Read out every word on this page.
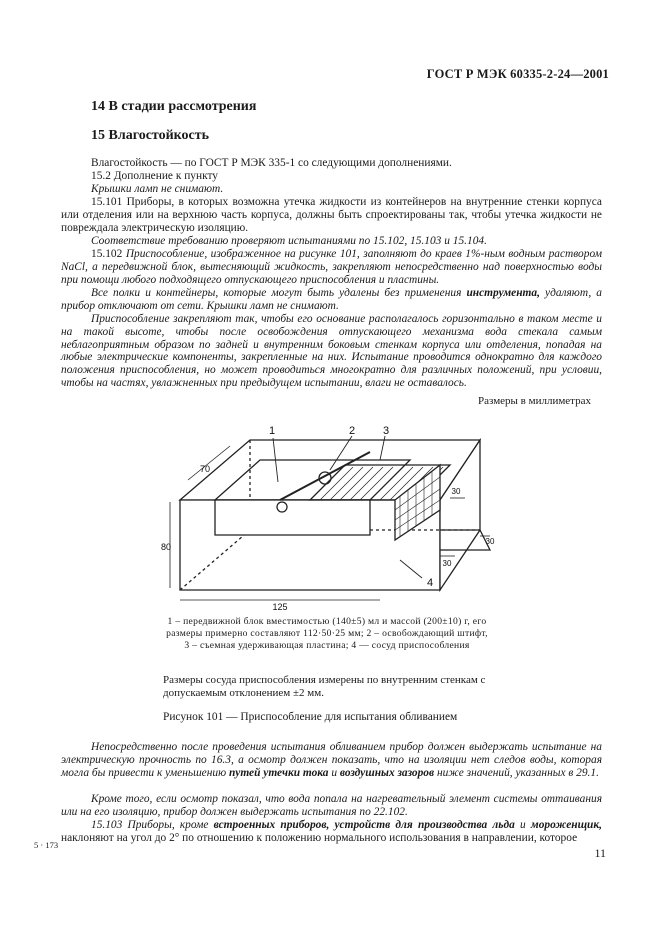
ГОСТ Р МЭК 60335-2-24—2001
14 В стадии рассмотрения
15 Влагостойкость
Влагостойкость — по ГОСТ Р МЭК 335-1 со следующими дополнениями.
15.2 Дополнение к пункту
Крышки ламп не снимают.
15.101 Приборы, в которых возможна утечка жидкости из контейнеров на внутренние стенки корпуса или отделения или на верхнюю часть корпуса, должны быть спроектированы так, чтобы утечка жидкости не повреждала электрическую изоляцию.
Соответствие требованию проверяют испытаниями по 15.102, 15.103 и 15.104.
15.102 Приспособление, изображенное на рисунке 101, заполняют до краев 1%-ным водным раствором NaCl, а передвижной блок, вытесняющий жидкость, закрепляют непосредственно над поверхностью воды при помощи любого подходящего отпускающего приспособления и пластины.
Все полки и контейнеры, которые могут быть удалены без применения инструмента, удаляют, а прибор отключают от сети. Крышки ламп не снимают.
Приспособление закрепляют так, чтобы его основание располагалось горизонтально в таком месте и на такой высоте, чтобы после освобождения отпускающего механизма вода стекала самым неблагоприятным образом по задней и внутренним боковым стенкам корпуса или отделения, попадая на любые электрические компоненты, закрепленные на них. Испытание проводится однократно для каждого положения приспособления, но может проводиться многократно для различных положений, при условии, чтобы на частях, увлажненных при предыдущем испытании, влаги не оставалось.
Размеры в миллиметрах
1	2	3
4
70
80
125
30
30
30
1 – передвижной блок вместимостью (140±5) мл и массой (200±10) г, его размеры примерно составляют 112·50·25 мм; 2 – освобождающий штифт, 3 – съемная удерживающая пластина; 4 — сосуд приспособления
Размеры сосуда приспособления измерены по внутренним стенкам с допускаемым отклонением ±2 мм.
Рисунок 101 — Приспособление для испытания обливанием
Непосредственно после проведения испытания обливанием прибор должен выдержать испытание на электрическую прочность по 16.3, а осмотр должен показать, что на изоляции нет следов воды, которая могла бы привести к уменьшению путей утечки тока и воздушных зазоров ниже значений, указанных в 29.1.
Кроме того, если осмотр показал, что вода попала на нагревательный элемент системы оттаивания или на его изоляцию, прибор должен выдержать испытания по 22.102.
15.103 Приборы, кроме встроенных приборов, устройств для производства льда и мороженщик, наклоняют на угол до 2° по отношению к положению нормального использования в направлении, которое
5 · 173
11
